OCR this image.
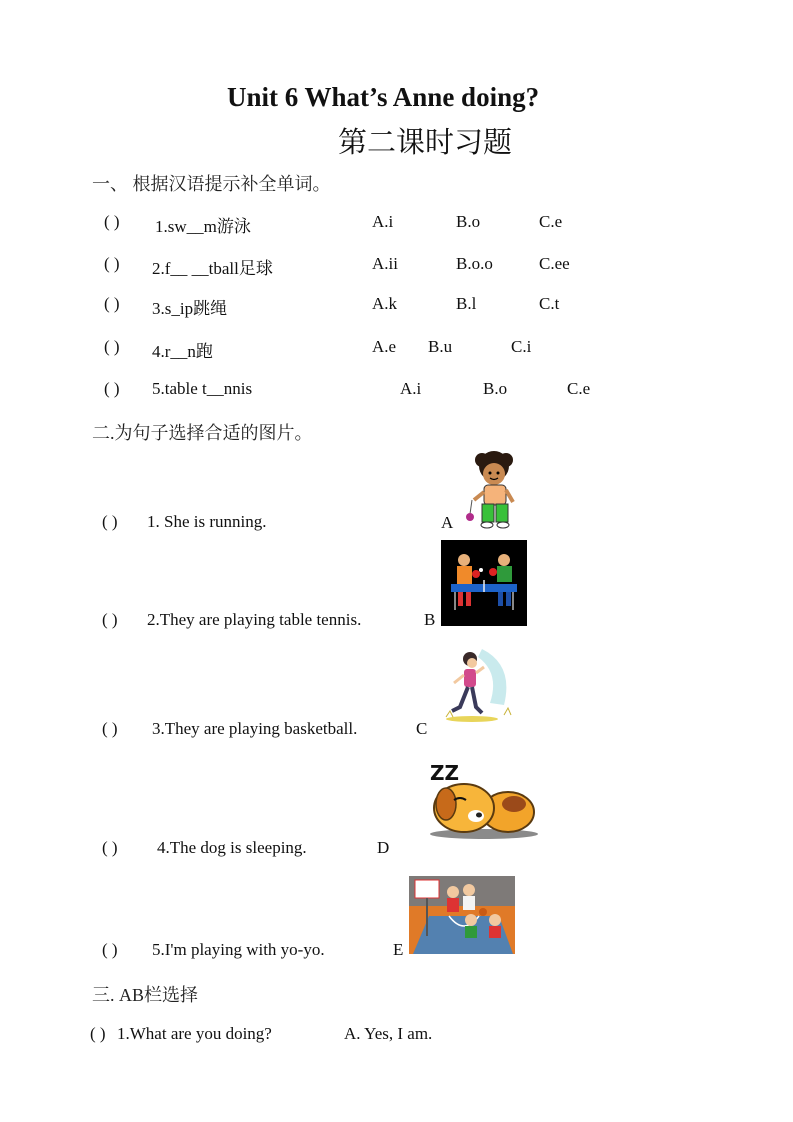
Unit 6 What’s Anne doing?
第二课时习题
一、 根据汉语提示补全单词。
( ) 1.sw__m游泳	A.i	B.o	C.e
( ) 2.f__ __tball足球	A.ii	B.o.o	C.ee
( ) 3.s_ip跳绳	A.k	B.l	C.t
( ) 4.r__n跑	A.e B.u	C.i
( ) 5.table t__nnis	A.i	B.o	C.e
二.为句子选择合适的图片。
( ) 1. She is running.	A
( ) 2.They are playing table tennis.	B
( ) 3.They are playing basketball.	C
( ) 4.The dog is sleeping.	D
ZZ
( ) 5.I'm playing with yo-yo.	E
三. AB栏选择
( ) 1.What are you doing?	A. Yes, I am.
